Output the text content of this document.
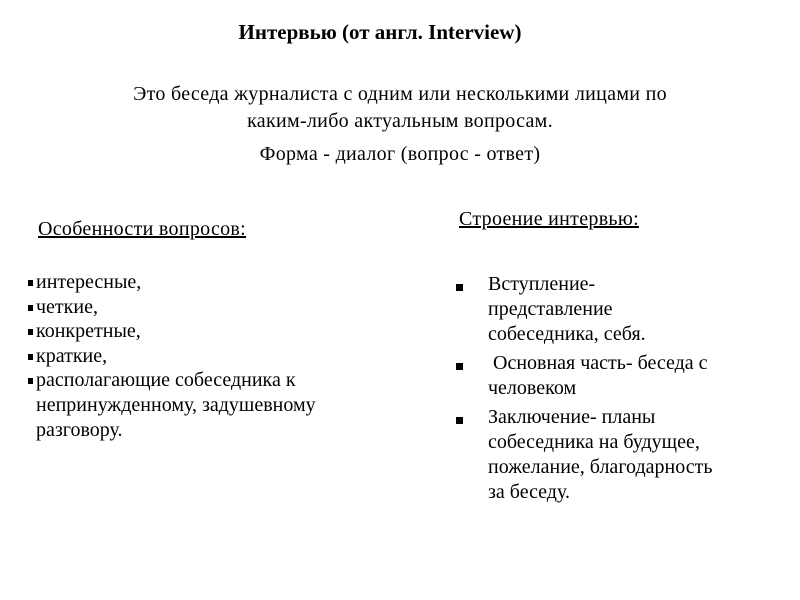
Интервью (от англ. Interview)
Это беседа журналиста с одним или несколькими лицами по
каким-либо актуальным вопросам.
Форма - диалог (вопрос - ответ)
Особенности вопросов:
интересные,
четкие,
конкретные,
краткие,
располагающие собеседника к непринужденному, задушевному разговору.
Строение интервью:
Вступление-представление собеседника, себя.
Основная часть- беседа с человеком
Заключение- планы собеседника на будущее, пожелание, благодарность за беседу.
